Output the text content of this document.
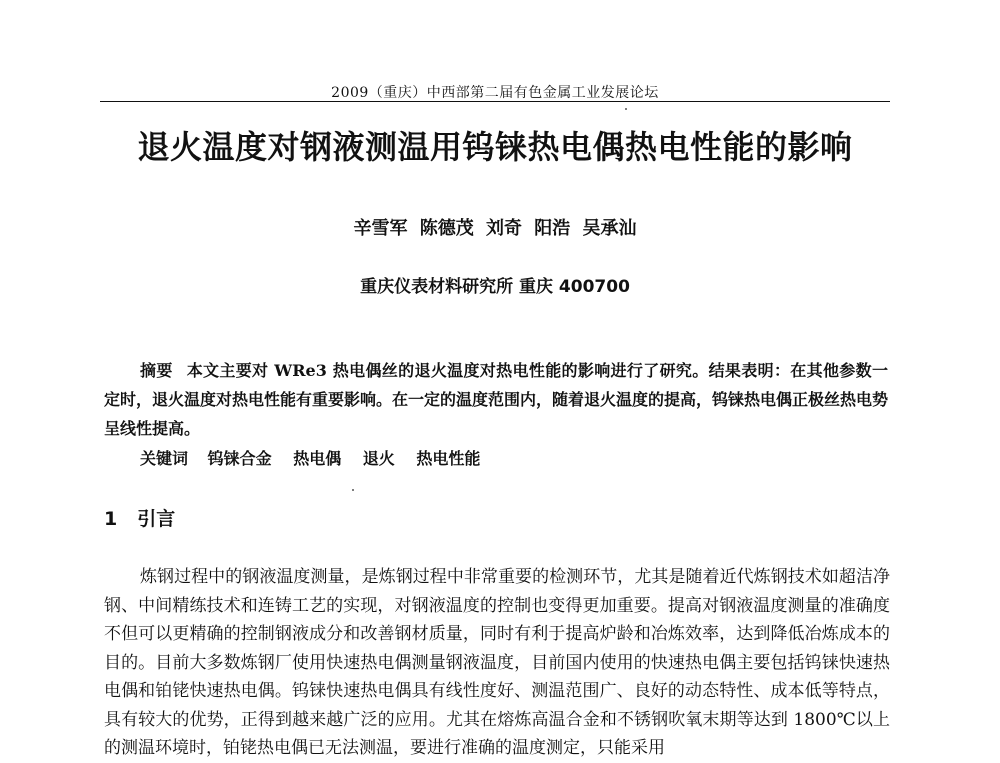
2009（重庆）中西部第二届有色金属工业发展论坛
退火温度对钢液测温用钨铼热电偶热电性能的影响
辛雪军 陈德茂 刘奇 阳浩 吴承汕
重庆仪表材料研究所 重庆 400700

摘要 本文主要对 WRe3 热电偶丝的退火温度对热电性能的影响进行了研究。结果表明：在其他参数一定时，退火温度对热电性能有重要影响。在一定的温度范围内，随着退火温度的提高，钨铼热电偶正极丝热电势呈线性提高。

关键词 钨铼合金 热电偶 退火 热电性能
1 引言

炼钢过程中的钢液温度测量，是炼钢过程中非常重要的检测环节，尤其是随着近代炼钢技术如超洁净钢、中间精练技术和连铸工艺的实现，对钢液温度的控制也变得更加重要。提高对钢液温度测量的准确度不但可以更精确的控制钢液成分和改善钢材质量，同时有利于提高炉龄和冶炼效率，达到降低冶炼成本的目的。目前大多数炼钢厂使用快速热电偶测量钢液温度，目前国内使用的快速热电偶主要包括钨铼快速热电偶和铂铑快速热电偶。钨铼快速热电偶具有线性度好、测温范围广、良好的动态特性、成本低等特点，具有较大的优势，正得到越来越广泛的应用。尤其在熔炼高温合金和不锈钢吹氧末期等达到 1800℃以上的测温环境时，铂铑热电偶已无法测温，要进行准确的温度测定，只能采用
